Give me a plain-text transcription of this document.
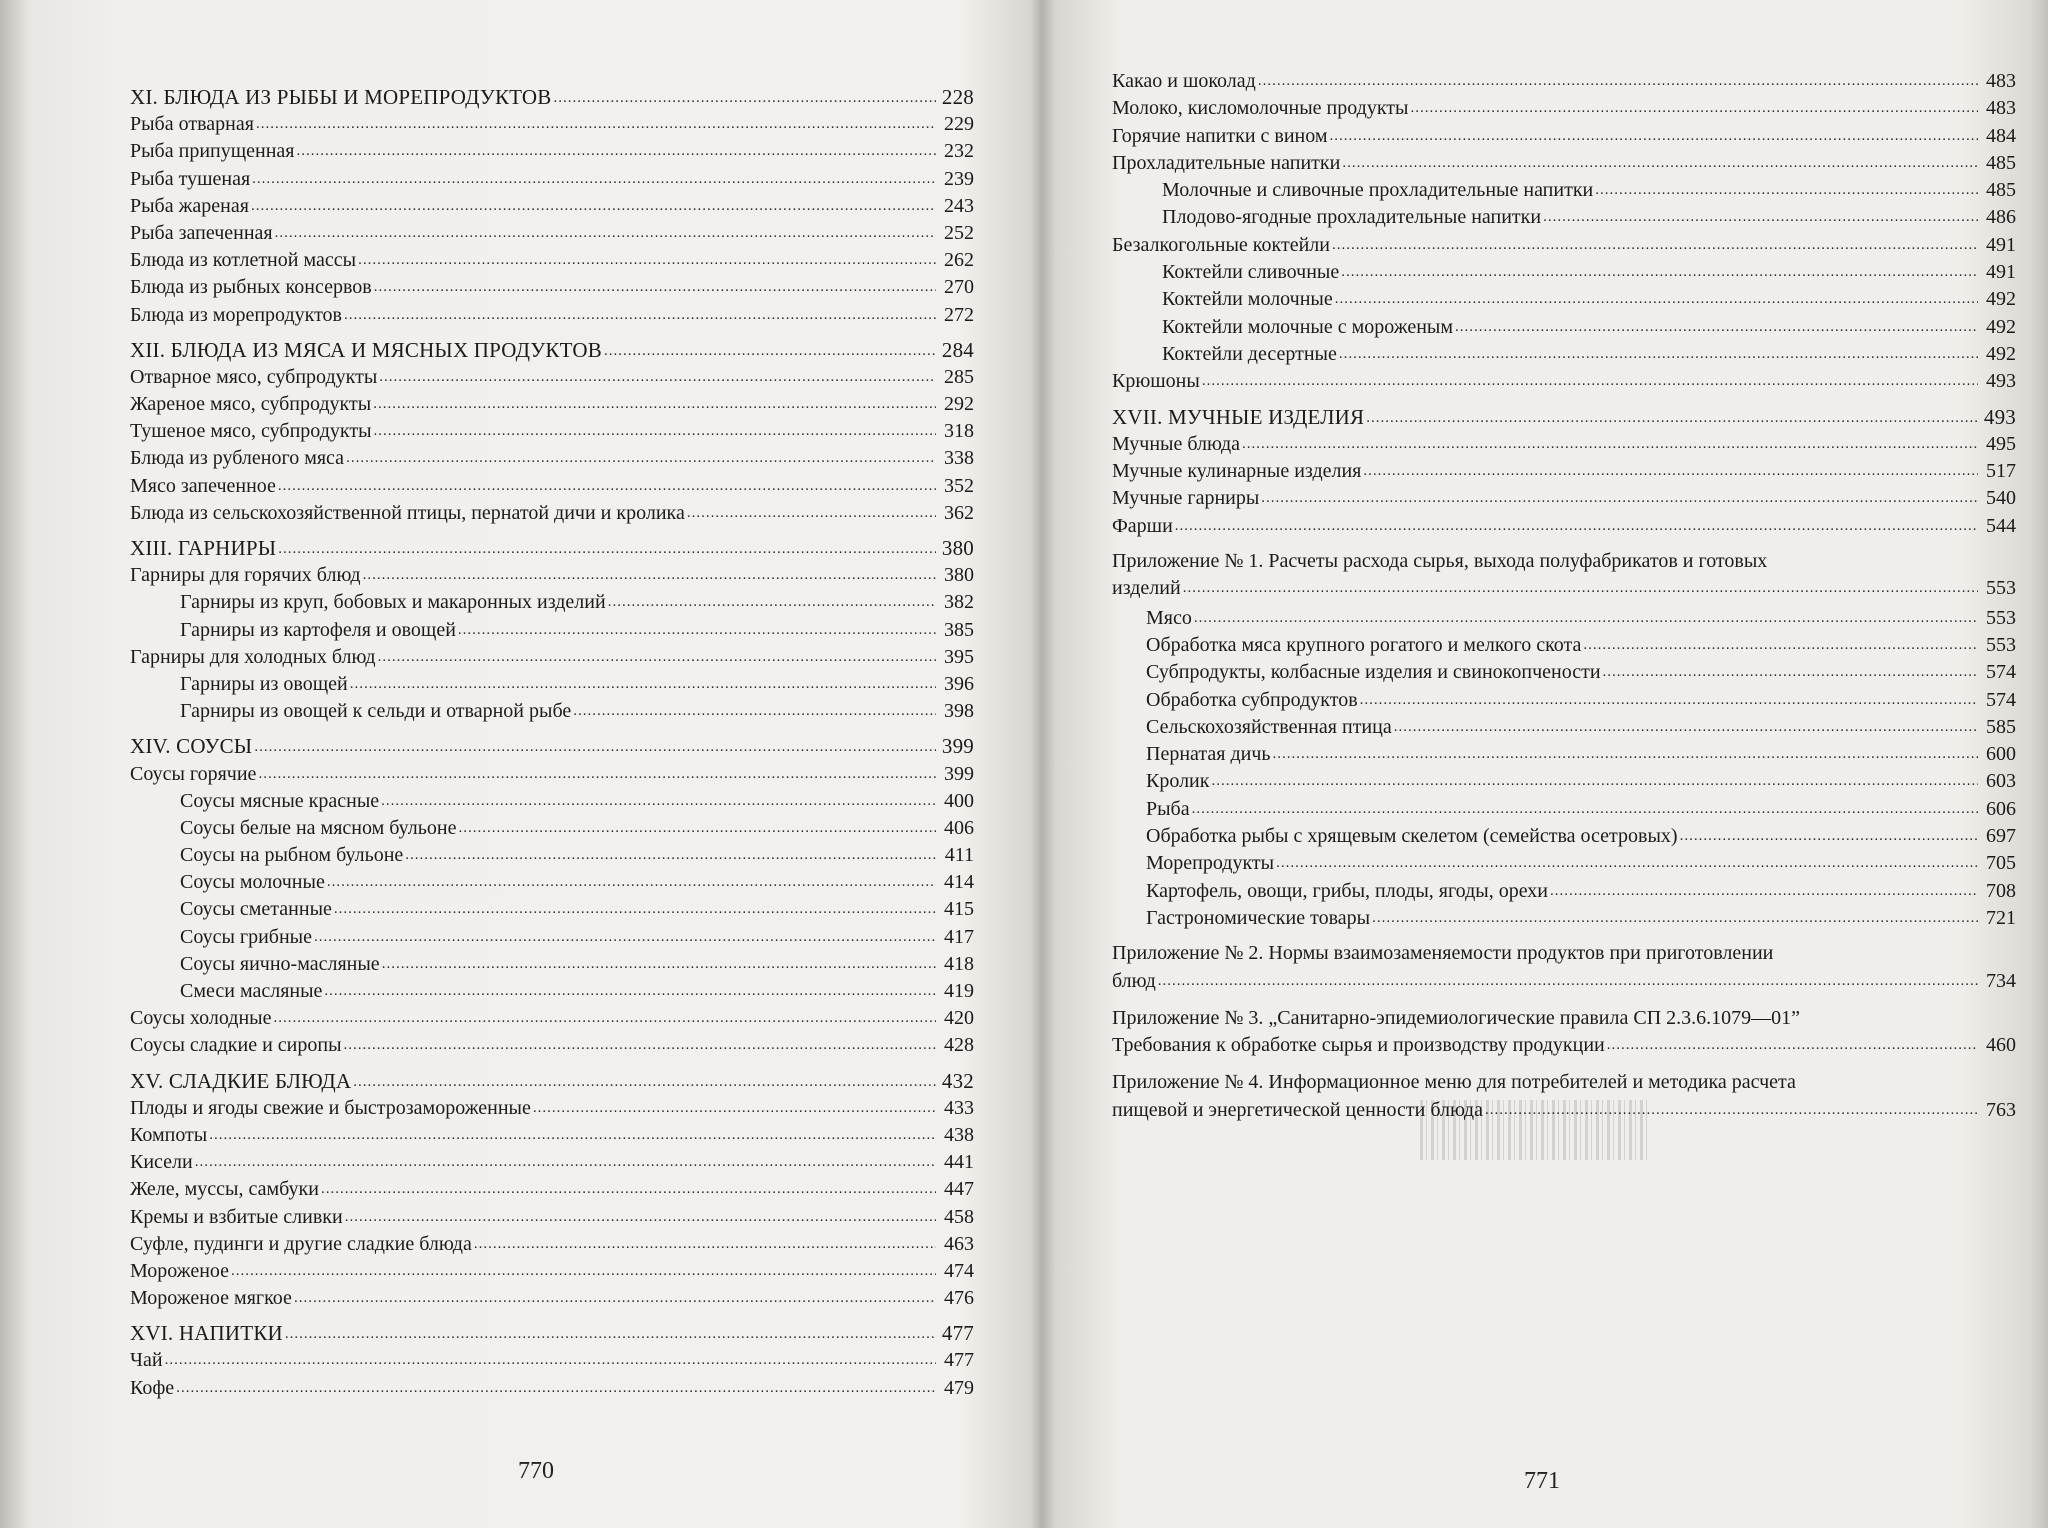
XI. БЛЮДА ИЗ РЫБЫ И МОРЕПРОДУКТОВ .....	228
Рыба отварная .....	229
Рыба припущенная .....	232
Рыба тушеная .....	239
Рыба жареная .....	243
Рыба запеченная .....	252
Блюда из котлетной массы .....	262
Блюда из рыбных консервов .....	270
Блюда из морепродуктов .....	272
XII. БЛЮДА ИЗ МЯСА И МЯСНЫХ ПРОДУКТОВ .....	284
Отварное мясо, субпродукты .....	285
Жареное мясо, субпродукты .....	292
Тушеное мясо, субпродукты .....	318
Блюда из рубленого мяса .....	338
Мясо запеченное .....	352
Блюда из сельскохозяйственной птицы, пернатой дичи и кролика .....	362
XIII. ГАРНИРЫ .....	380
Гарниры для горячих блюд .....	380
Гарниры из круп, бобовых и макаронных изделий .....	382
Гарниры из картофеля и овощей .....	385
Гарниры для холодных блюд .....	395
Гарниры из овощей .....	396
Гарниры из овощей к сельди и отварной рыбе .....	398
XIV. СОУСЫ .....	399
Соусы горячие .....	399
Соусы мясные красные .....	400
Соусы белые на мясном бульоне .....	406
Соусы на рыбном бульоне .....	411
Соусы молочные .....	414
Соусы сметанные .....	415
Соусы грибные .....	417
Соусы яично-масляные .....	418
Смеси масляные .....	419
Соусы холодные .....	420
Соусы сладкие и сиропы .....	428
XV. СЛАДКИЕ БЛЮДА .....	432
Плоды и ягоды свежие и быстрозамороженные .....	433
Компоты .....	438
Кисели .....	441
Желе, муссы, самбуки .....	447
Кремы и взбитые сливки .....	458
Суфле, пудинги и другие сладкие блюда .....	463
Мороженое .....	474
Мороженое мягкое .....	476
XVI. НАПИТКИ .....	477
Чай .....	477
Кофе .....	479
770
Какао и шоколад .....	483
Молоко, кисломолочные продукты .....	483
Горячие напитки с вином .....	484
Прохладительные напитки .....	485
Молочные и сливочные прохладительные напитки .....	485
Плодово-ягодные прохладительные напитки .....	486
Безалкогольные коктейли .....	491
Коктейли сливочные .....	491
Коктейли молочные .....	492
Коктейли молочные с мороженым .....	492
Коктейли десертные .....	492
Крюшоны .....	493
XVII. МУЧНЫЕ ИЗДЕЛИЯ .....	493
Мучные блюда .....	495
Мучные кулинарные изделия .....	517
Мучные гарниры .....	540
Фарши .....	544
Приложение № 1. Расчеты расхода сырья, выхода полуфабрикатов и готовых
изделий .....	553
Мясо .....	553
Обработка мяса крупного рогатого и мелкого скота .....	553
Субпродукты, колбасные изделия и свинокопчености .....	574
Обработка субпродуктов .....	574
Сельскохозяйственная птица .....	585
Пернатая дичь .....	600
Кролик .....	603
Рыба .....	606
Обработка рыбы с хрящевым скелетом (семейства осетровых) .....	697
Морепродукты .....	705
Картофель, овощи, грибы, плоды, ягоды, орехи .....	708
Гастрономические товары .....	721
Приложение № 2. Нормы взаимозаменяемости продуктов при приготовлении
блюд .....	734
Приложение № 3. „Санитарно-эпидемиологические правила СП 2.3.6.1079—01”
Требования к обработке сырья и производству продукции .....	460
Приложение № 4. Информационное меню для потребителей и методика расчета
пищевой и энергетической ценности блюда .....	763
771
